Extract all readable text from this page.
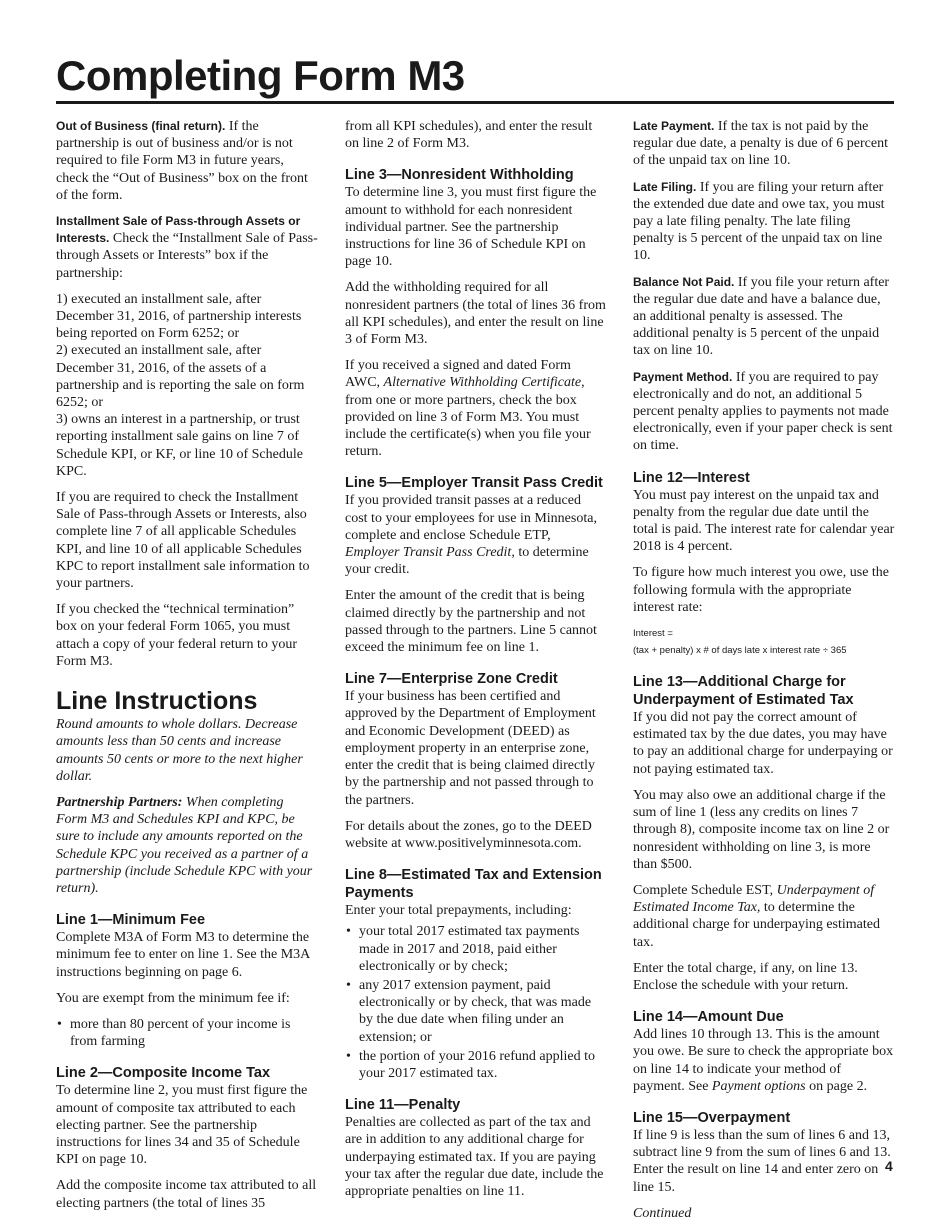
Completing Form M3

Out of Business (final return). If the partnership is out of business and/or is not required to file Form M3 in future years, check the “Out of Business” box on the front of the form.

Installment Sale of Pass-through Assets or Interests. Check the “Installment Sale of Pass-through Assets or Interests” box if the partnership:

1) executed an installment sale, after December 31, 2016, of partnership interests being reported on Form 6252; or

2) executed an installment sale, after December 31, 2016, of the assets of a partnership and is reporting the sale on form 6252; or

3) owns an interest in a partnership, or trust reporting installment sale gains on line 7 of Schedule KPI, or KF, or line 10 of Schedule KPC.

If you are required to check the Installment Sale of Pass-through Assets or Interests, also complete line 7 of all applicable Schedules KPI, and line 10 of all applicable Schedules KPC to report installment sale information to your partners.

If you checked the “technical termination” box on your federal Form 1065, you must attach a copy of your federal return to your Form M3.

Line Instructions

Round amounts to whole dollars. Decrease amounts less than 50 cents and increase amounts 50 cents or more to the next higher dollar.

Partnership Partners: When completing Form M3 and Schedules KPI and KPC, be sure to include any amounts reported on the Schedule KPC you received as a partner of a partnership (include Schedule KPC with your return).

Line 1—Minimum Fee

Complete M3A of Form M3 to determine the minimum fee to enter on line 1. See the M3A instructions beginning on page 6.

You are exempt from the minimum fee if:

• more than 80 percent of your income is from farming
Line 2—Composite Income Tax

To determine line 2, you must first figure the amount of composite tax attributed to each electing partner. See the partnership instructions for lines 34 and 35 of Schedule KPI on page 10.

Add the composite income tax attributed to all electing partners (the total of lines 35

from all KPI schedules), and enter the result on line 2 of Form M3.

Line 3—Nonresident Withholding

To determine line 3, you must first figure the amount to withhold for each nonresident individual partner. See the partnership instructions for line 36 of Schedule KPI on page 10.

Add the withholding required for all nonresident partners (the total of lines 36 from all KPI schedules), and enter the result on line 3 of Form M3.

If you received a signed and dated Form AWC, Alternative Withholding Certificate, from one or more partners, check the box provided on line 3 of Form M3. You must include the certificate(s) when you file your return.

Line 5—Employer Transit Pass Credit

If you provided transit passes at a reduced cost to your employees for use in Minnesota, complete and enclose Schedule ETP, Employer Transit Pass Credit, to determine your credit.

Enter the amount of the credit that is being claimed directly by the partnership and not passed through to the partners. Line 5 cannot exceed the minimum fee on line 1.

Line 7—Enterprise Zone Credit

If your business has been certified and approved by the Department of Employment and Economic Development (DEED) as employment property in an enterprise zone, enter the credit that is being claimed directly by the partnership and not passed through to the partners.

For details about the zones, go to the DEED website at www.positivelyminnesota.com.

Line 8—Estimated Tax and Extension Payments

Enter your total prepayments, including:

• your total 2017 estimated tax payments made in 2017 and 2018, paid either electronically or by check;
• any 2017 extension payment, paid electronically or by check, that was made by the due date when filing under an extension; or
• the portion of your 2016 refund applied to your 2017 estimated tax.
Line 11—Penalty

Penalties are collected as part of the tax and are in addition to any additional charge for underpaying estimated tax. If you are paying your tax after the regular due date, include the appropriate penalties on line 11.

Late Payment. If the tax is not paid by the regular due date, a penalty is due of 6 percent of the unpaid tax on line 10.

Late Filing. If you are filing your return after the extended due date and owe tax, you must pay a late filing penalty. The late filing penalty is 5 percent of the unpaid tax on line 10.

Balance Not Paid. If you file your return after the regular due date and have a balance due, an additional penalty is assessed. The additional penalty is 5 percent of the unpaid tax on line 10.

Payment Method. If you are required to pay electronically and do not, an additional 5 percent penalty applies to payments not made electronically, even if your paper check is sent on time.

Line 12—Interest

You must pay interest on the unpaid tax and penalty from the regular due date until the total is paid. The interest rate for calendar year 2018 is 4 percent.

To figure how much interest you owe, use the following formula with the appropriate interest rate:

Interest =

(tax + penalty) x # of days late x interest rate ÷ 365

Line 13—Additional Charge for Underpayment of Estimated Tax

If you did not pay the correct amount of estimated tax by the due dates, you may have to pay an additional charge for underpaying or not paying estimated tax.

You may also owe an additional charge if the sum of line 1 (less any credits on lines 7 through 8), composite income tax on line 2 or nonresident withholding on line 3, is more than $500.

Complete Schedule EST, Underpayment of Estimated Income Tax, to determine the additional charge for underpaying estimated tax.

Enter the total charge, if any, on line 13. Enclose the schedule with your return.

Line 14—Amount Due

Add lines 10 through 13. This is the amount you owe. Be sure to check the appropriate box on line 14 to indicate your method of payment. See Payment options on page 2.

Line 15—Overpayment

If line 9 is less than the sum of lines 6 and 13, subtract line 9 from the sum of lines 6 and 13. Enter the result on line 14 and enter zero on line 15.

Continued

4
